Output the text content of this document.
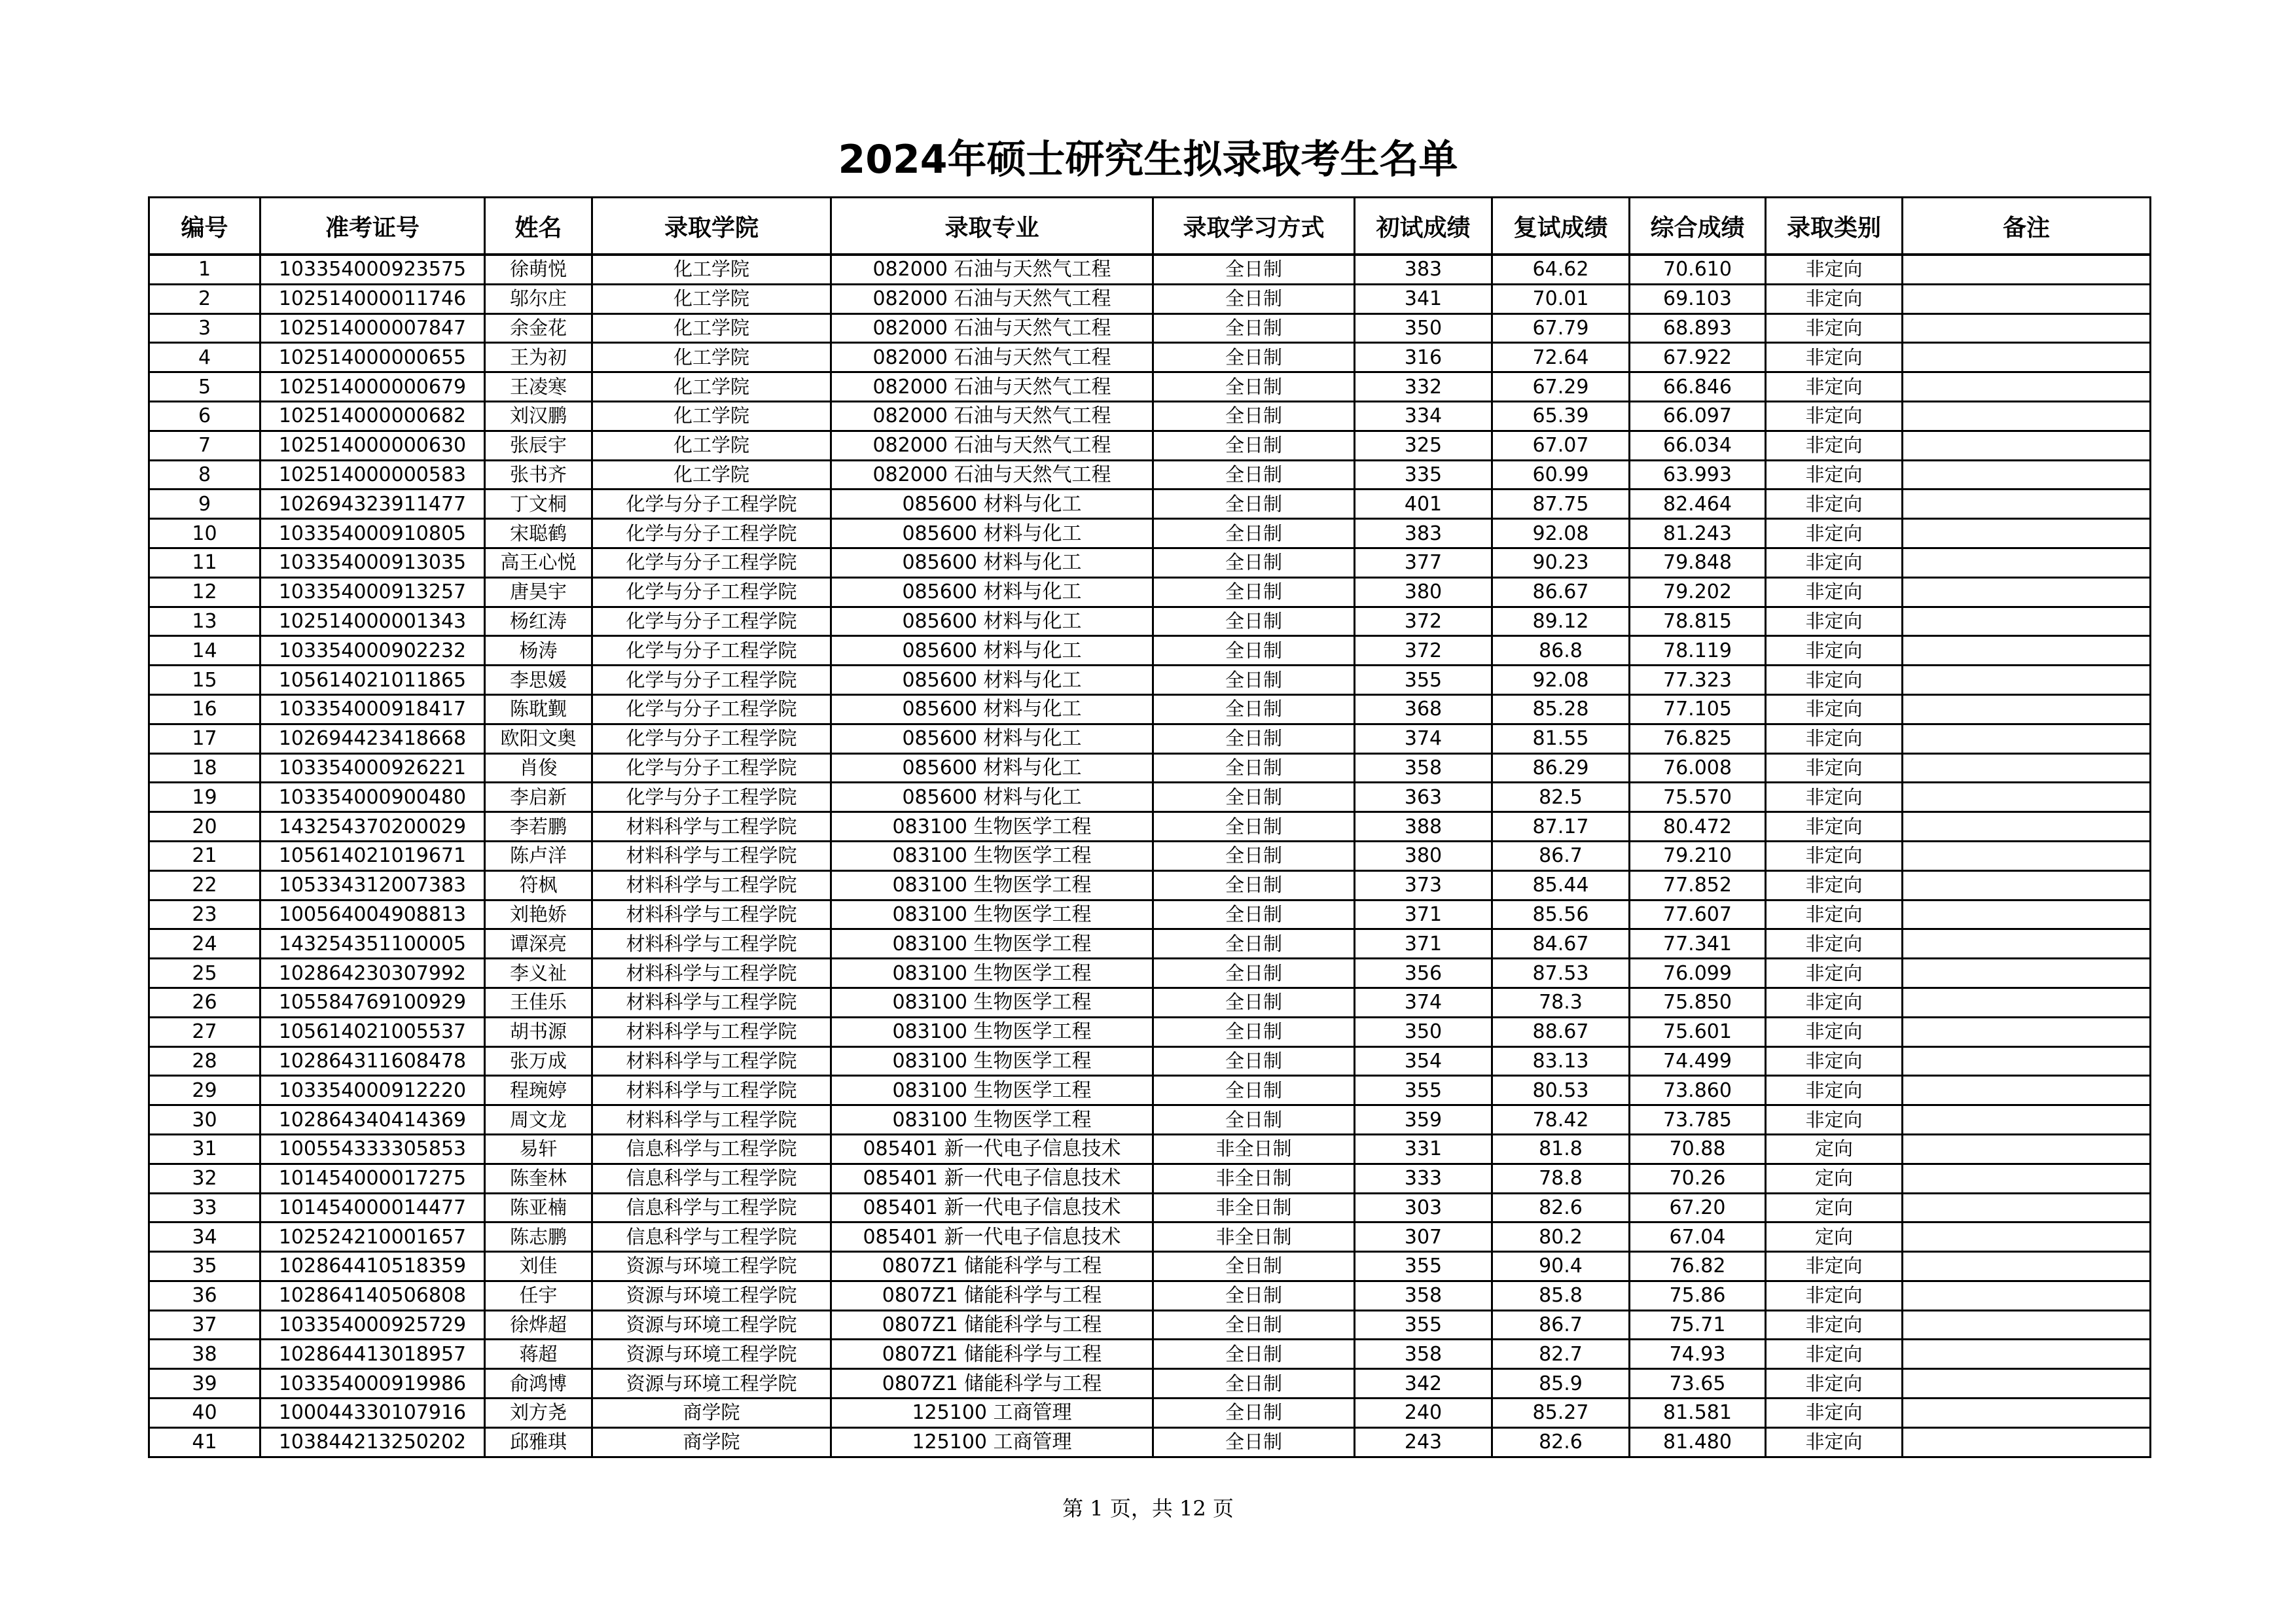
2024年硕士研究生拟录取考生名单
编号	准考证号	姓名	录取学院	录取专业	录取学习方式	初试成绩	复试成绩	综合成绩	录取类别	备注
1	103354000923575	徐萌悦	化工学院	082000 石油与天然气工程	全日制	383	64.62	70.610	非定向	
2	102514000011746	邬尔庄	化工学院	082000 石油与天然气工程	全日制	341	70.01	69.103	非定向	
3	102514000007847	余金花	化工学院	082000 石油与天然气工程	全日制	350	67.79	68.893	非定向	
4	102514000000655	王为初	化工学院	082000 石油与天然气工程	全日制	316	72.64	67.922	非定向	
5	102514000000679	王凌寒	化工学院	082000 石油与天然气工程	全日制	332	67.29	66.846	非定向	
6	102514000000682	刘汉鹏	化工学院	082000 石油与天然气工程	全日制	334	65.39	66.097	非定向	
7	102514000000630	张辰宇	化工学院	082000 石油与天然气工程	全日制	325	67.07	66.034	非定向	
8	102514000000583	张书齐	化工学院	082000 石油与天然气工程	全日制	335	60.99	63.993	非定向	
9	102694323911477	丁文桐	化学与分子工程学院	085600 材料与化工	全日制	401	87.75	82.464	非定向	
10	103354000910805	宋聪鹤	化学与分子工程学院	085600 材料与化工	全日制	383	92.08	81.243	非定向	
11	103354000913035	高王心悦	化学与分子工程学院	085600 材料与化工	全日制	377	90.23	79.848	非定向	
12	103354000913257	唐昊宇	化学与分子工程学院	085600 材料与化工	全日制	380	86.67	79.202	非定向	
13	102514000001343	杨红涛	化学与分子工程学院	085600 材料与化工	全日制	372	89.12	78.815	非定向	
14	103354000902232	杨涛	化学与分子工程学院	085600 材料与化工	全日制	372	86.8	78.119	非定向	
15	105614021011865	李思媛	化学与分子工程学院	085600 材料与化工	全日制	355	92.08	77.323	非定向	
16	103354000918417	陈耽觐	化学与分子工程学院	085600 材料与化工	全日制	368	85.28	77.105	非定向	
17	102694423418668	欧阳文奥	化学与分子工程学院	085600 材料与化工	全日制	374	81.55	76.825	非定向	
18	103354000926221	肖俊	化学与分子工程学院	085600 材料与化工	全日制	358	86.29	76.008	非定向	
19	103354000900480	李启新	化学与分子工程学院	085600 材料与化工	全日制	363	82.5	75.570	非定向	
20	143254370200029	李若鹏	材料科学与工程学院	083100 生物医学工程	全日制	388	87.17	80.472	非定向	
21	105614021019671	陈卢洋	材料科学与工程学院	083100 生物医学工程	全日制	380	86.7	79.210	非定向	
22	105334312007383	符枫	材料科学与工程学院	083100 生物医学工程	全日制	373	85.44	77.852	非定向	
23	100564004908813	刘艳娇	材料科学与工程学院	083100 生物医学工程	全日制	371	85.56	77.607	非定向	
24	143254351100005	谭深亮	材料科学与工程学院	083100 生物医学工程	全日制	371	84.67	77.341	非定向	
25	102864230307992	李义祉	材料科学与工程学院	083100 生物医学工程	全日制	356	87.53	76.099	非定向	
26	105584769100929	王佳乐	材料科学与工程学院	083100 生物医学工程	全日制	374	78.3	75.850	非定向	
27	105614021005537	胡书源	材料科学与工程学院	083100 生物医学工程	全日制	350	88.67	75.601	非定向	
28	102864311608478	张万成	材料科学与工程学院	083100 生物医学工程	全日制	354	83.13	74.499	非定向	
29	103354000912220	程琬婷	材料科学与工程学院	083100 生物医学工程	全日制	355	80.53	73.860	非定向	
30	102864340414369	周文龙	材料科学与工程学院	083100 生物医学工程	全日制	359	78.42	73.785	非定向	
31	100554333305853	易轩	信息科学与工程学院	085401 新一代电子信息技术	非全日制	331	81.8	70.88	定向	
32	101454000017275	陈奎林	信息科学与工程学院	085401 新一代电子信息技术	非全日制	333	78.8	70.26	定向	
33	101454000014477	陈亚楠	信息科学与工程学院	085401 新一代电子信息技术	非全日制	303	82.6	67.20	定向	
34	102524210001657	陈志鹏	信息科学与工程学院	085401 新一代电子信息技术	非全日制	307	80.2	67.04	定向	
35	102864410518359	刘佳	资源与环境工程学院	0807Z1 储能科学与工程	全日制	355	90.4	76.82	非定向	
36	102864140506808	任宇	资源与环境工程学院	0807Z1 储能科学与工程	全日制	358	85.8	75.86	非定向	
37	103354000925729	徐烨超	资源与环境工程学院	0807Z1 储能科学与工程	全日制	355	86.7	75.71	非定向	
38	102864413018957	蒋超	资源与环境工程学院	0807Z1 储能科学与工程	全日制	358	82.7	74.93	非定向	
39	103354000919986	俞鸿博	资源与环境工程学院	0807Z1 储能科学与工程	全日制	342	85.9	73.65	非定向	
40	100044330107916	刘方尧	商学院	125100 工商管理	全日制	240	85.27	81.581	非定向	
41	103844213250202	邱雅琪	商学院	125100 工商管理	全日制	243	82.6	81.480	非定向	
第 1 页，共 12 页
